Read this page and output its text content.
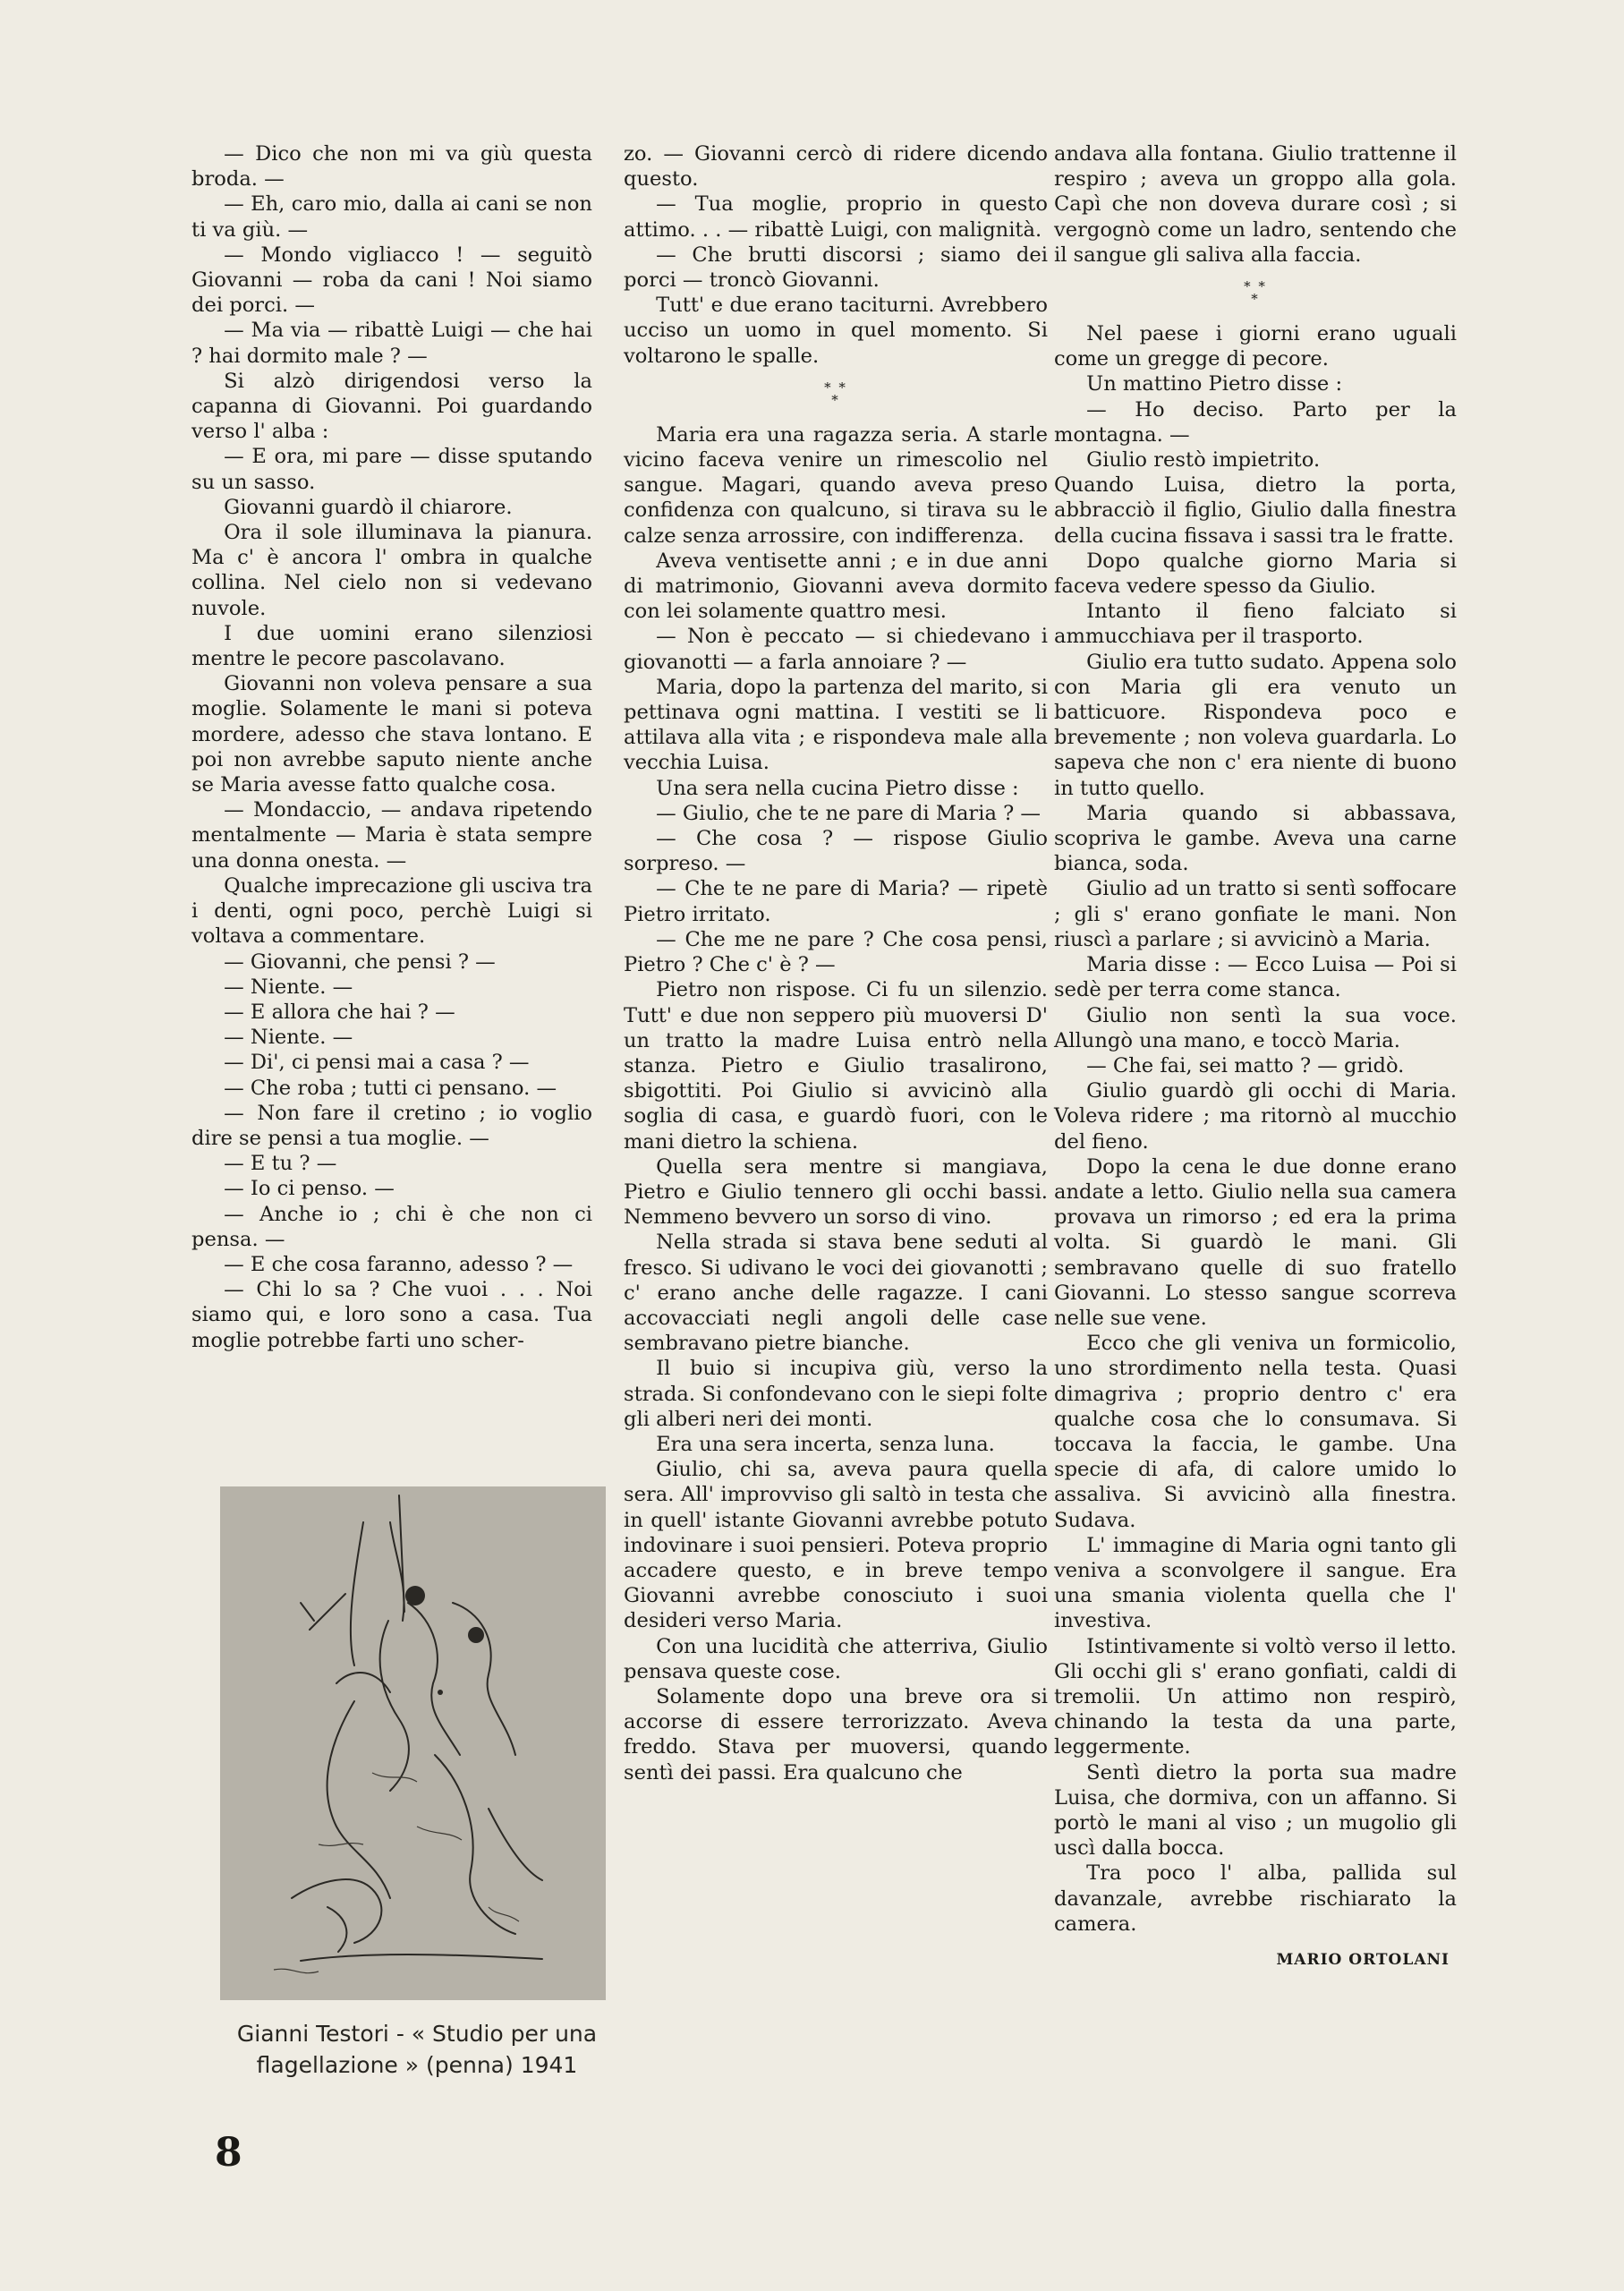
— Dico che non mi va giù questa broda. —

— Eh, caro mio, dalla ai cani se non ti va giù. —

— Mondo vigliacco ! — seguitò Giovanni — roba da cani ! Noi siamo dei porci. —

— Ma via — ribattè Luigi — che hai ? hai dormito male ? —

Si alzò dirigendosi verso la capanna di Giovanni. Poi guardando verso l' alba :

— E ora, mi pare — disse sputando su un sasso.

Giovanni guardò il chiarore.

Ora il sole illuminava la pianura. Ma c' è ancora l' ombra in qualche collina. Nel cielo non si vedevano nuvole.

I due uomini erano silenziosi mentre le pecore pascolavano.

Giovanni non voleva pensare a sua moglie. Solamente le mani si poteva mordere, adesso che stava lontano. E poi non avrebbe saputo niente anche se Maria avesse fatto qualche cosa.

— Mondaccio, — andava ripetendo mentalmente — Maria è stata sempre una donna onesta. —

Qualche imprecazione gli usciva tra i denti, ogni poco, perchè Luigi si voltava a commentare.

— Giovanni, che pensi ? —

— Niente. —

— E allora che hai ? —

— Niente. —

— Di', ci pensi mai a casa ? —

— Che roba ; tutti ci pensano. —

— Non fare il cretino ; io voglio dire se pensi a tua moglie. —

— E tu ? —

— Io ci penso. —

— Anche io ; chi è che non ci pensa. —

— E che cosa faranno, adesso ? —

— Chi lo sa ? Che vuoi . . . Noi siamo qui, e loro sono a casa. Tua moglie potrebbe farti uno scher-

Gianni Testori - « Studio per una
flagellazione » (penna) 1941

zo. — Giovanni cercò di ridere dicendo questo.

— Tua moglie, proprio in questo attimo. . . — ribattè Luigi, con malignità.

— Che brutti discorsi ; siamo dei porci — troncò Giovanni.

Tutt' e due erano taciturni. Avrebbero ucciso un uomo in quel momento. Si voltarono le spalle.

* *
*

Maria era una ragazza seria. A starle vicino faceva venire un rimescolio nel sangue. Magari, quando aveva preso confidenza con qualcuno, si tirava su le calze senza arrossire, con indifferenza.

Aveva ventisette anni ; e in due anni di matrimonio, Giovanni aveva dormito con lei solamente quattro mesi.

— Non è peccato — si chiedevano i giovanotti — a farla annoiare ? —

Maria, dopo la partenza del marito, si pettinava ogni mattina. I vestiti se li attilava alla vita ; e rispondeva male alla vecchia Luisa.

Una sera nella cucina Pietro disse :

— Giulio, che te ne pare di Maria ? —

— Che cosa ? — rispose Giulio sorpreso. —

— Che te ne pare di Maria? — ripetè Pietro irritato.

— Che me ne pare ? Che cosa pensi, Pietro ? Che c' è ? —

Pietro non rispose. Ci fu un silenzio. Tutt' e due non seppero più muoversi D' un tratto la madre Luisa entrò nella stanza. Pietro e Giulio trasalirono, sbigottiti. Poi Giulio si avvicinò alla soglia di casa, e guardò fuori, con le mani dietro la schiena.

Quella sera mentre si mangiava, Pietro e Giulio tennero gli occhi bassi. Nemmeno bevvero un sorso di vino.

Nella strada si stava bene seduti al fresco. Si udivano le voci dei giovanotti ; c' erano anche delle ragazze. I cani accovacciati negli angoli delle case sembravano pietre bianche.

Il buio si incupiva giù, verso la strada. Si confondevano con le siepi folte gli alberi neri dei monti.

Era una sera incerta, senza luna.

Giulio, chi sa, aveva paura quella sera. All' improvviso gli saltò in testa che in quell' istante Giovanni avrebbe potuto indovinare i suoi pensieri. Poteva proprio accadere questo, e in breve tempo Giovanni avrebbe conosciuto i suoi desideri verso Maria.

Con una lucidità che atterriva, Giulio pensava queste cose.

Solamente dopo una breve ora si accorse di essere terrorizzato. Aveva freddo. Stava per muoversi, quando sentì dei passi. Era qualcuno che

andava alla fontana. Giulio trattenne il respiro ; aveva un groppo alla gola. Capì che non doveva durare così ; si vergognò come un ladro, sentendo che il sangue gli saliva alla faccia.

* *
*

Nel paese i giorni erano uguali come un gregge di pecore.

Un mattino Pietro disse :

— Ho deciso. Parto per la montagna. —

Giulio restò impietrito.

Quando Luisa, dietro la porta, abbracciò il figlio, Giulio dalla finestra della cucina fissava i sassi tra le fratte.

Dopo qualche giorno Maria si faceva vedere spesso da Giulio.

Intanto il fieno falciato si ammucchiava per il trasporto.

Giulio era tutto sudato. Appena solo con Maria gli era venuto un batticuore. Rispondeva poco e brevemente ; non voleva guardarla. Lo sapeva che non c' era niente di buono in tutto quello.

Maria quando si abbassava, scopriva le gambe. Aveva una carne bianca, soda.

Giulio ad un tratto si sentì soffocare ; gli s' erano gonfiate le mani. Non riuscì a parlare ; si avvicinò a Maria.

Maria disse : — Ecco Luisa — Poi si sedè per terra come stanca.

Giulio non sentì la sua voce. Allungò una mano, e toccò Maria.

— Che fai, sei matto ? — gridò.

Giulio guardò gli occhi di Maria. Voleva ridere ; ma ritornò al mucchio del fieno.

Dopo la cena le due donne erano andate a letto. Giulio nella sua camera provava un rimorso ; ed era la prima volta. Si guardò le mani. Gli sembravano quelle di suo fratello Giovanni. Lo stesso sangue scorreva nelle sue vene.

Ecco che gli veniva un formicolio, uno strordimento nella testa. Quasi dimagriva ; proprio dentro c' era qualche cosa che lo consumava. Si toccava la faccia, le gambe. Una specie di afa, di calore umido lo assaliva. Si avvicinò alla finestra. Sudava.

L' immagine di Maria ogni tanto gli veniva a sconvolgere il sangue. Era una smania violenta quella che l' investiva.

Istintivamente si voltò verso il letto. Gli occhi gli s' erano gonfiati, caldi di tremolii. Un attimo non respirò, chinando la testa da una parte, leggermente.

Sentì dietro la porta sua madre Luisa, che dormiva, con un affanno. Si portò le mani al viso ; un mugolio gli uscì dalla bocca.

Tra poco l' alba, pallida sul davanzale, avrebbe rischiarato la camera.

MARIO ORTOLANI
8
